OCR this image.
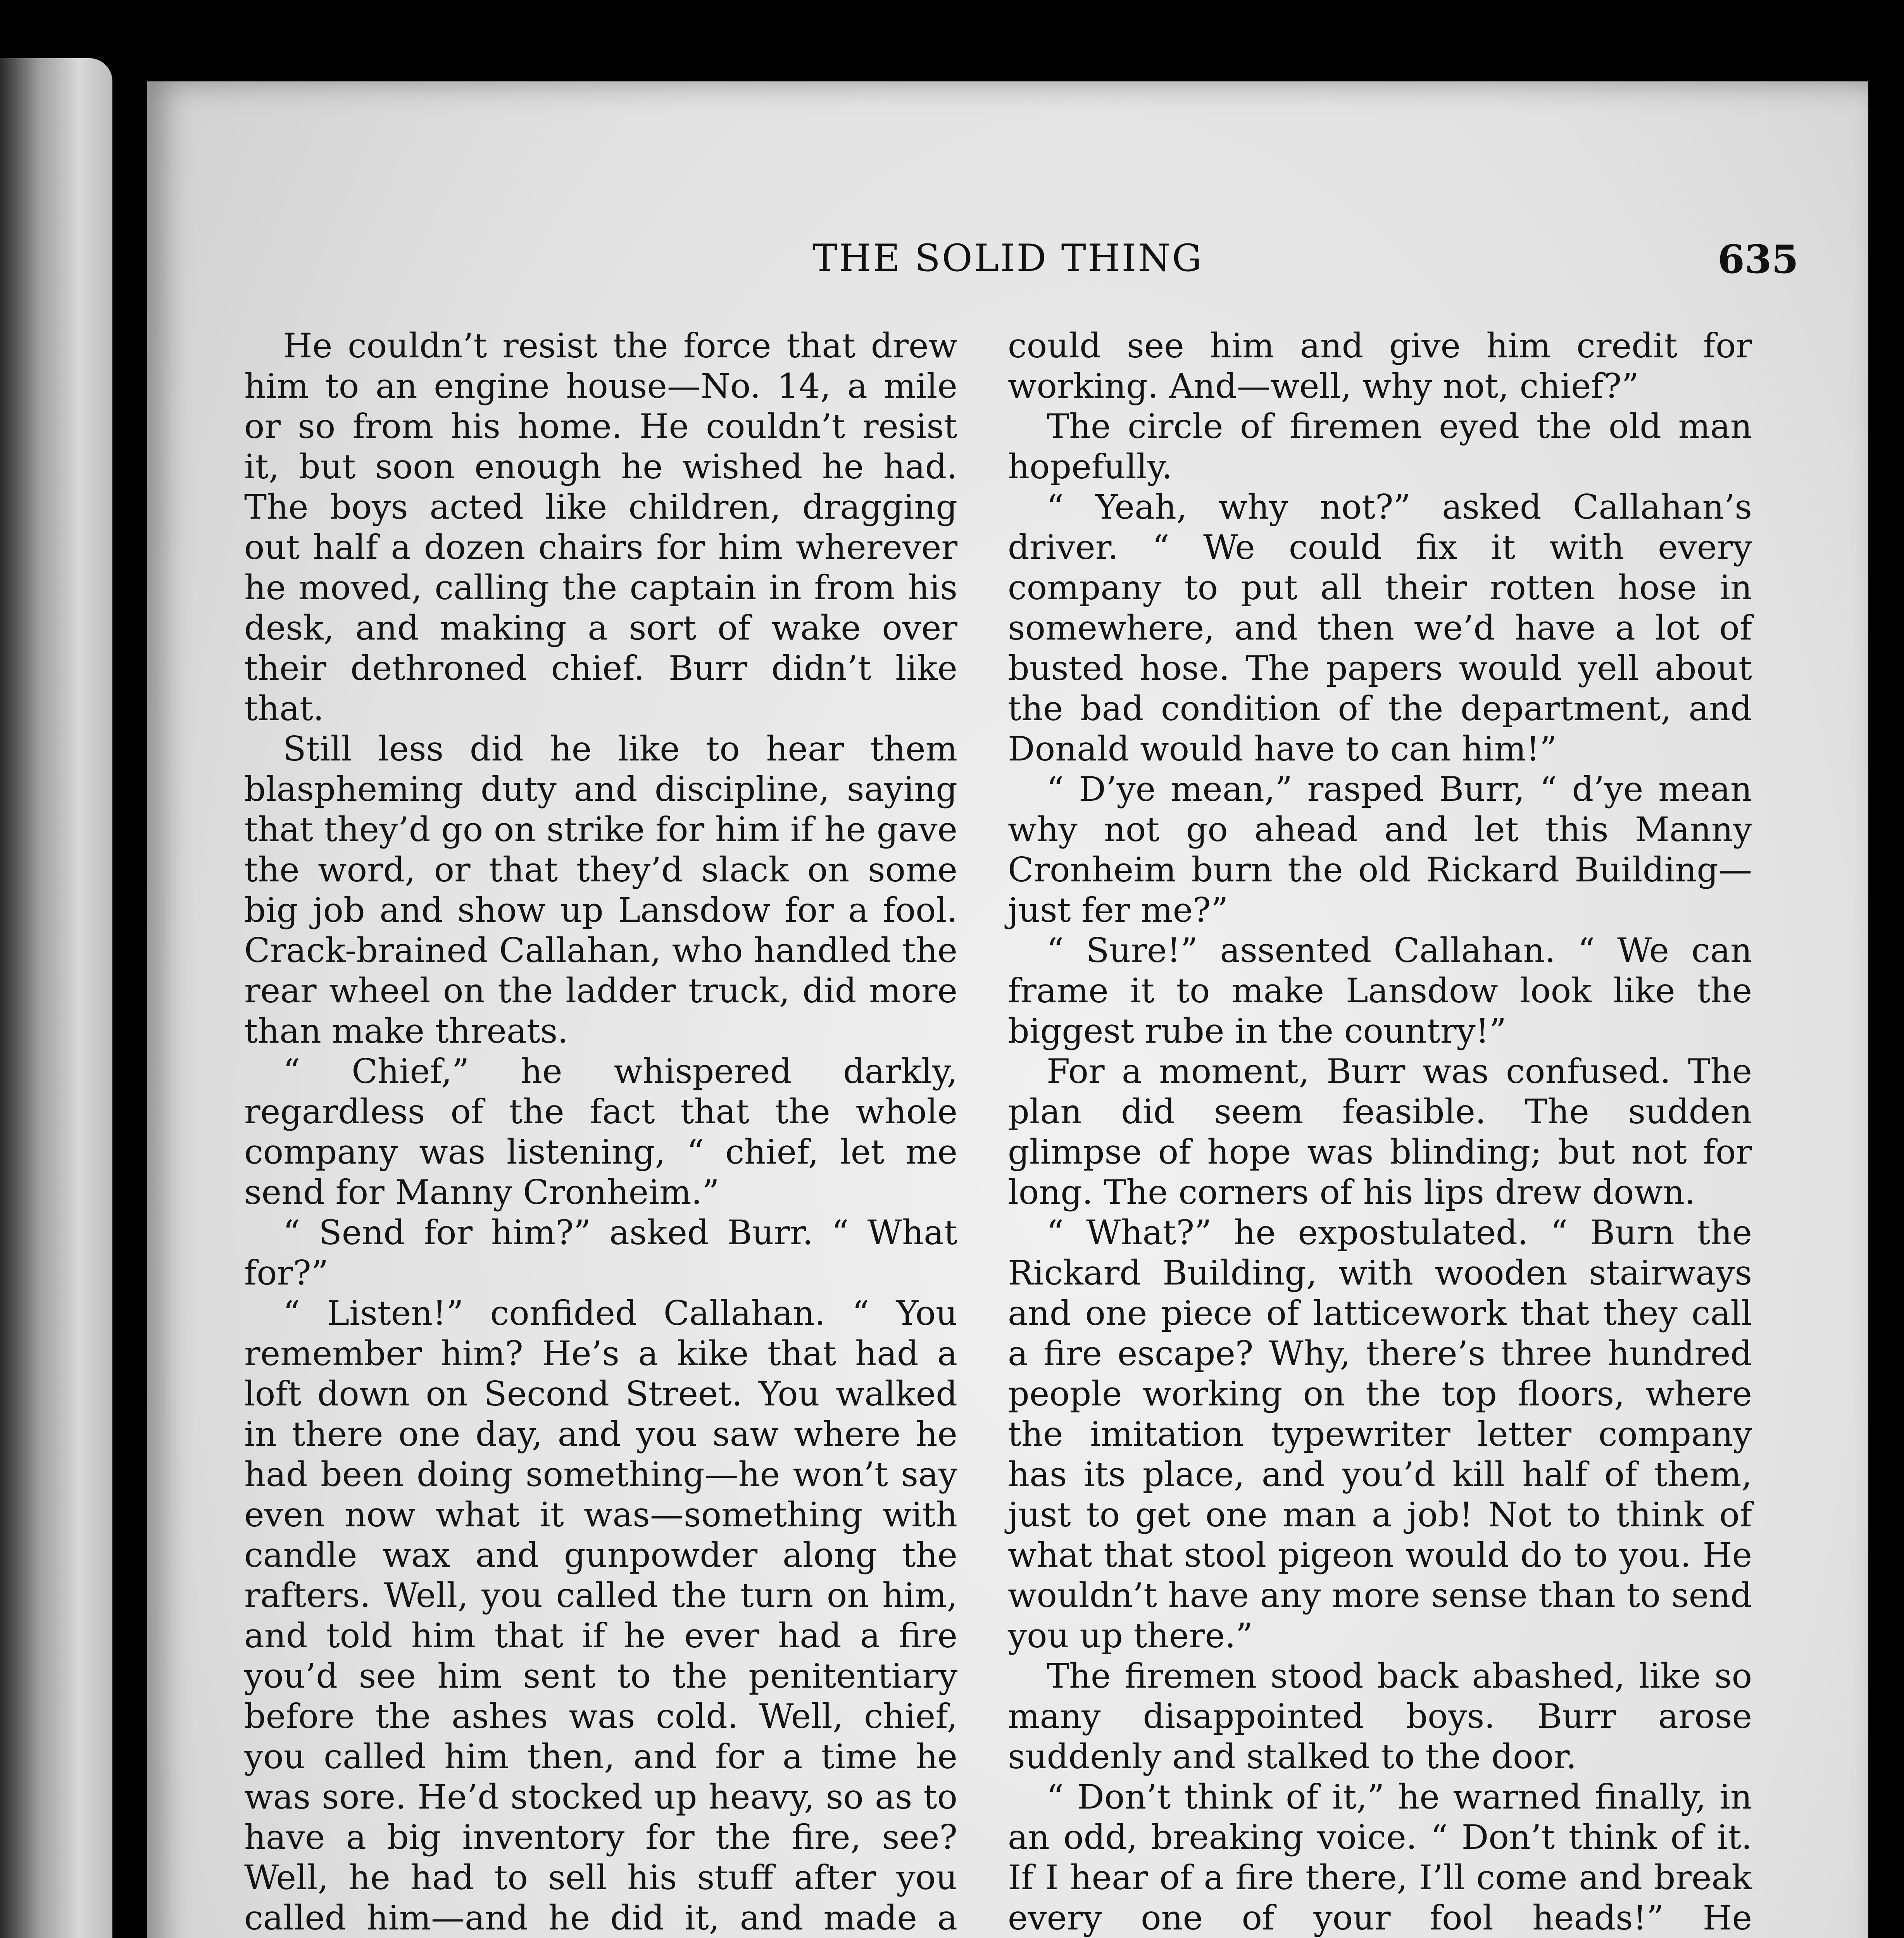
THE SOLID THING	635

He couldn’t resist the force that drew him to an engine house—No. 14, a mile or so from his home. He couldn’t resist it, but soon enough he wished he had. The boys acted like children, dragging out half a dozen chairs for him wherever he moved, calling the captain in from his desk, and making a sort of wake over their dethroned chief. Burr didn’t like that.

Still less did he like to hear them blaspheming duty and discipline, saying that they’d go on strike for him if he gave the word, or that they’d slack on some big job and show up Lansdow for a fool. Crack-brained Callahan, who handled the rear wheel on the ladder truck, did more than make threats.

“ Chief,” he whispered darkly, regardless of the fact that the whole company was listening, “ chief, let me send for Manny Cronheim.”

“ Send for him?” asked Burr. “ What for?”

“ Listen!” confided Callahan. “ You remember him? He’s a kike that had a loft down on Second Street. You walked in there one day, and you saw where he had been doing something—he won’t say even now what it was—something with candle wax and gunpowder along the rafters. Well, you called the turn on him, and told him that if he ever had a fire you’d see him sent to the penitentiary before the ashes was cold. Well, chief, you called him then, and for a time he was sore. He’d stocked up heavy, so as to have a big inventory for the fire, see? Well, he had to sell his stuff after you called him—and he did it, and made a

could see him and give him credit for working. And—well, why not, chief?”

The circle of firemen eyed the old man hopefully.

“ Yeah, why not?” asked Callahan’s driver. “ We could fix it with every company to put all their rotten hose in somewhere, and then we’d have a lot of busted hose. The papers would yell about the bad condition of the department, and Donald would have to can him!”

“ D’ye mean,” rasped Burr, “ d’ye mean why not go ahead and let this Manny Cronheim burn the old Rickard Building—just fer me?”

“ Sure!” assented Callahan. “ We can frame it to make Lansdow look like the biggest rube in the country!”

For a moment, Burr was confused. The plan did seem feasible. The sudden glimpse of hope was blinding; but not for long. The corners of his lips drew down.

“ What?” he expostulated. “ Burn the Rickard Building, with wooden stairways and one piece of latticework that they call a fire escape? Why, there’s three hundred people working on the top floors, where the imitation typewriter letter company has its place, and you’d kill half of them, just to get one man a job! Not to think of what that stool pigeon would do to you. He wouldn’t have any more sense than to send you up there.”

The firemen stood back abashed, like so many disappointed boys. Burr arose suddenly and stalked to the door.

“ Don’t think of it,” he warned finally, in an odd, breaking voice. “ Don’t think of it. If I hear of a fire there, I’ll come and break every one of your fool heads!” He
